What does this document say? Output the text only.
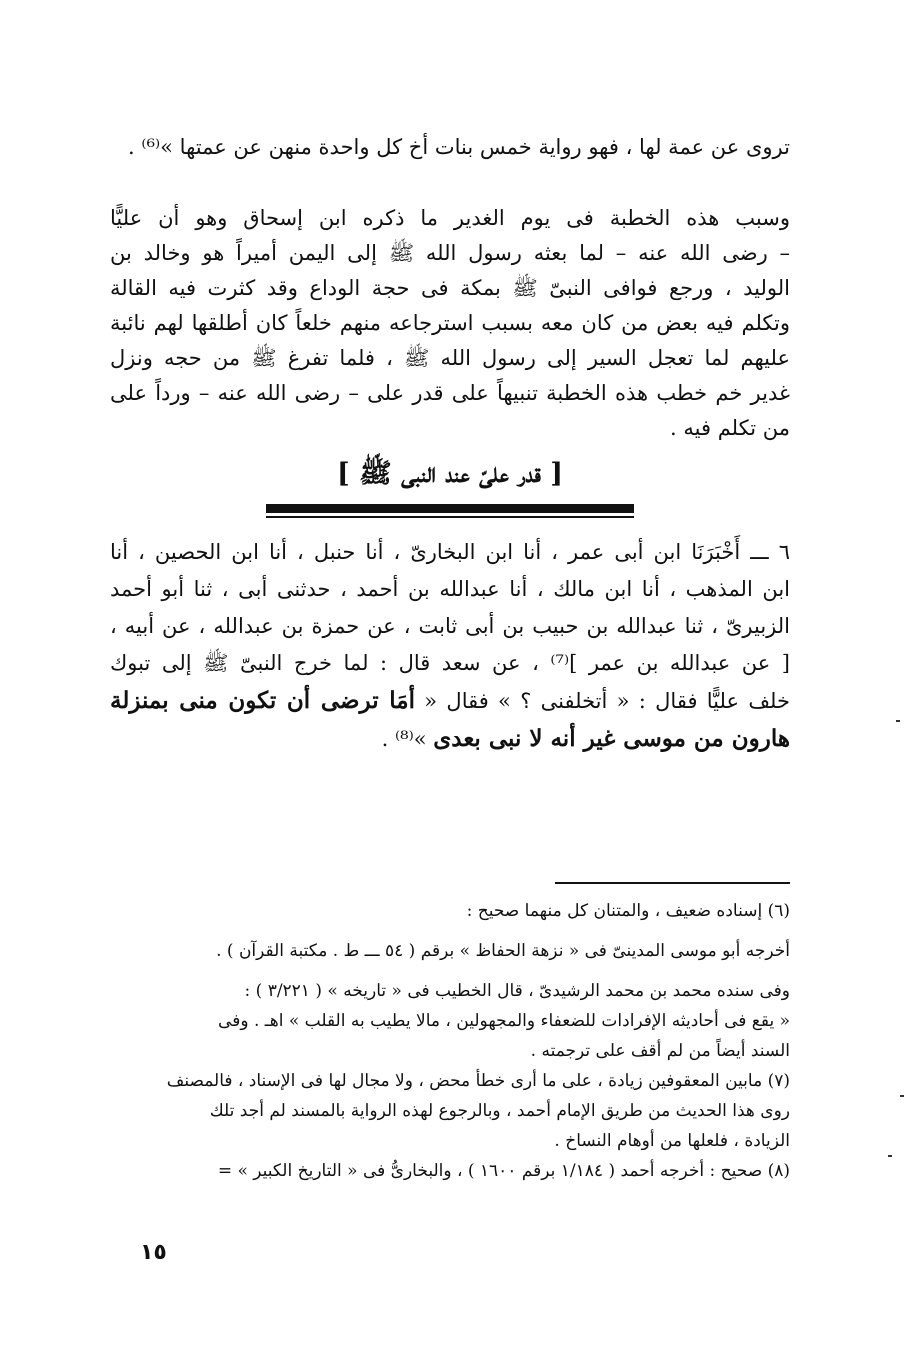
تروى عن عمة لها ، فهو رواية خمس بنات أخ كل واحدة منهن عن عمتها »⁽⁶⁾ .
وسبب هذه الخطبة فى يوم الغدير ما ذكره ابن إسحاق وهو أن عليًّا
– رضى الله عنه – لما بعثه رسول الله ﷺ إلى اليمن أميراً هو وخالد بن
الوليد ، ورجع فوافى النبىّ ﷺ بمكة فى حجة الوداع وقد كثرت فيه القالة
وتكلم فيه بعض من كان معه بسبب استرجاعه منهم خلعاً كان أطلقها لهم نائبة
عليهم لما تعجل السير إلى رسول الله ﷺ ، فلما تفرغ ﷺ من حجه ونزل
غدير خم خطب هذه الخطبة تنبيهاً على قدر على – رضى الله عنه – ورداً على
من تكلم فيه .
[ قدر علىّ عند النبى ﷺ ]
٦ ـــ أَخْبَرَنَا ابن أبى عمر ، أنا ابن البخارىّ ، أنا حنبل ، أنا ابن الحصين ، أنا
ابن المذهب ، أنا ابن مالك ، أنا عبدالله بن أحمد ، حدثنى أبى ، ثنا أبو أحمد
الزبيرىّ ، ثنا عبدالله بن حبيب بن أبى ثابت ، عن حمزة بن عبدالله ، عن أبيه ،
[ عن عبدالله بن عمر ]⁽⁷⁾ ، عن سعد قال : لما خرج النبىّ ﷺ إلى تبوك
خلف عليًّا فقال : « أتخلفنى ؟ » فقال « أمَا ترضى أن تكون منى بمنزلة
هارون من موسى غير أنه لا نبى بعدى »⁽⁸⁾ .
(٦) إسناده ضعيف ، والمتنان كل منهما صحيح :
أخرجه أبو موسى المدينىّ فى « نزهة الحفاظ » برقم ( ٥٤ ـــ ط . مكتبة القرآن ) .
وفى سنده محمد بن محمد الرشيدىّ ، قال الخطيب فى « تاريخه » ( ٣/٢٢١ ) :
« يقع فى أحاديثه الإفرادات للضعفاء والمجهولين ، مالا يطيب به القلب » اهـ . وفى
السند أيضاً من لم أقف على ترجمته .
(٧) مابين المعقوفين زيادة ، على ما أرى خطأ محض ، ولا مجال لها فى الإسناد ، فالمصنف
روى هذا الحديث من طريق الإمام أحمد ، وبالرجوع لهذه الرواية بالمسند لم أجد تلك
الزيادة ، فلعلها من أوهام النساخ .
(٨) صحيح : أخرجه أحمد ( ١/١٨٤ برقم ١٦٠٠ ) ، والبخارىُّ فى « التاريخ الكبير » =
١٥
